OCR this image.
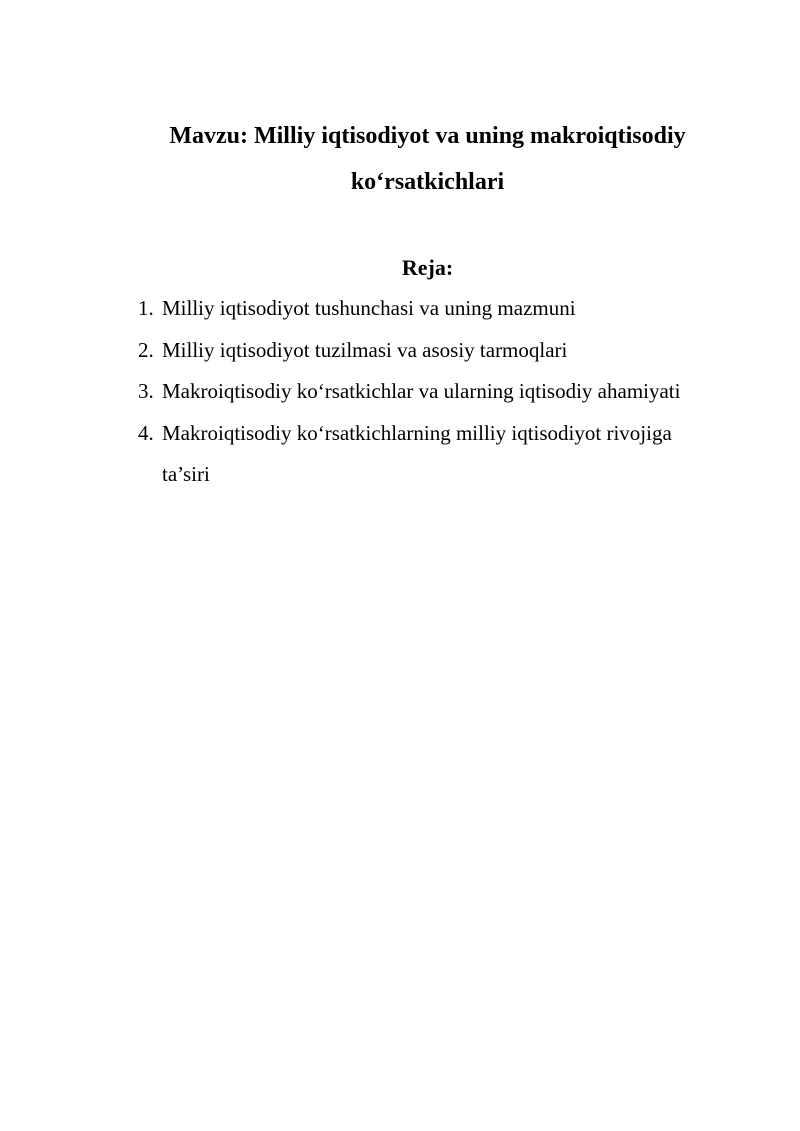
Mavzu: Milliy iqtisodiyot va uning makroiqtisodiy ko‘rsatkichlari
Reja:
1. Milliy iqtisodiyot tushunchasi va uning mazmuni
2. Milliy iqtisodiyot tuzilmasi va asosiy tarmoqlari
3. Makroiqtisodiy ko‘rsatkichlar va ularning iqtisodiy ahamiyati
4. Makroiqtisodiy ko‘rsatkichlarning milliy iqtisodiyot rivojiga ta’siri
